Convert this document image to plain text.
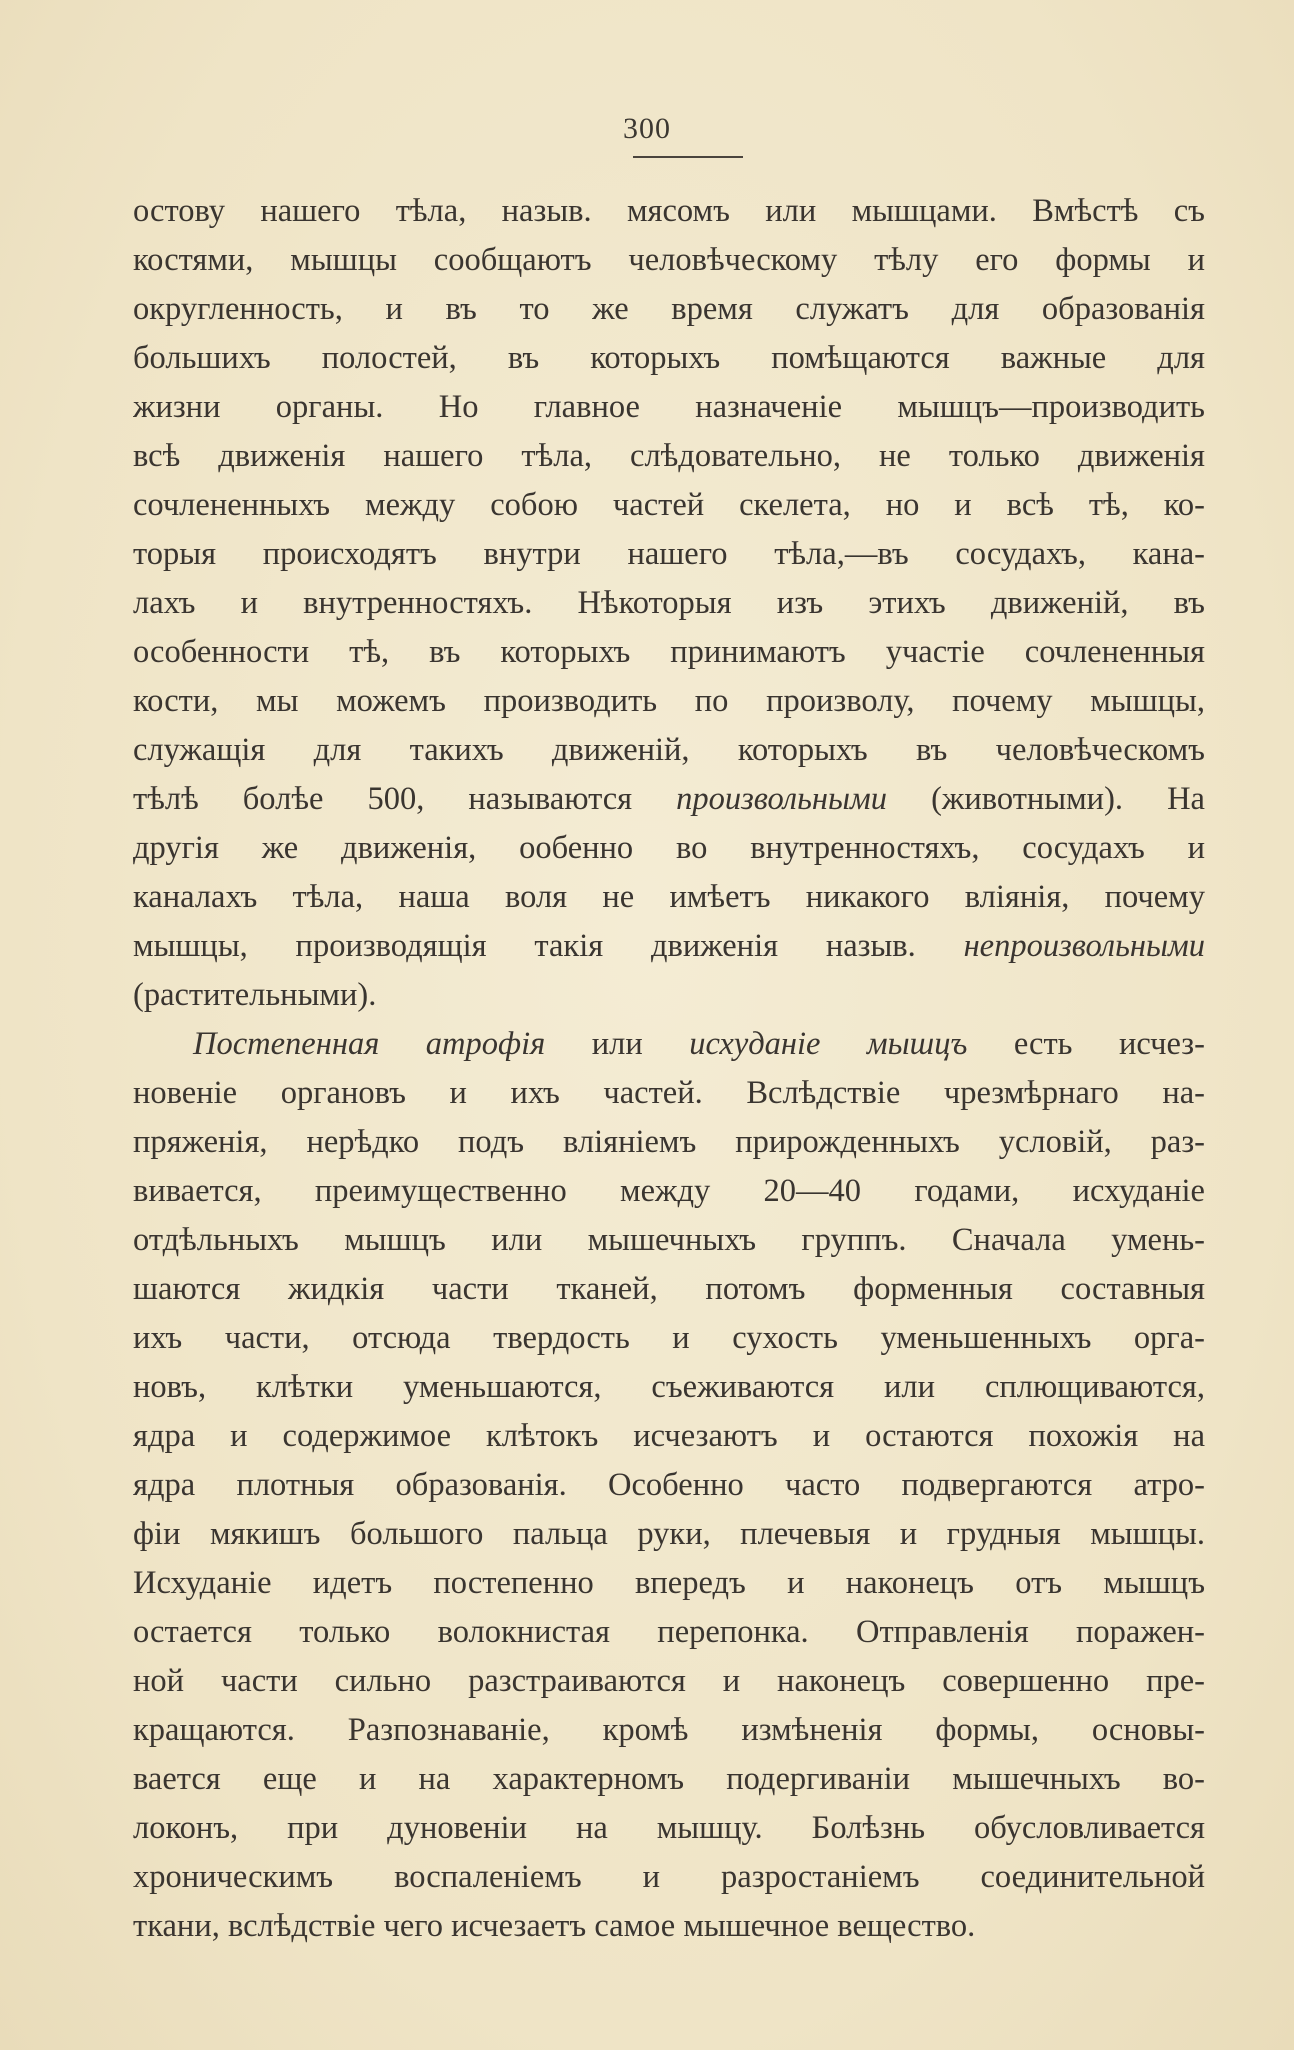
300
остову нашего тѣла, назыв. мясомъ или мышцами. Вмѣстѣ съ
костями, мышцы сообщаютъ человѣческому тѣлу его формы и
округленность, и въ то же время служатъ для образованія
большихъ полостей, въ которыхъ помѣщаются важные для
жизни органы. Но главное назначеніе мышцъ—производить
всѣ движенія нашего тѣла, слѣдовательно, не только движенія
сочлененныхъ между собою частей скелета, но и всѣ тѣ, ко-
торыя происходятъ внутри нашего тѣла,—въ сосудахъ, кана-
лахъ и внутренностяхъ. Нѣкоторыя изъ этихъ движеній, въ
особенности тѣ, въ которыхъ принимаютъ участіе сочлененныя
кости, мы можемъ производить по произволу, почему мышцы,
служащія для такихъ движеній, которыхъ въ человѣческомъ
тѣлѣ болѣе 500, называются произвольными (животными). На
другія же движенія, ообенно во внутренностяхъ, сосудахъ и
каналахъ тѣла, наша воля не имѣетъ никакого вліянія, почему
мышцы, производящія такія движенія назыв. непроизвольными
(растительными).
Постепенная атрофія или исхуданіе мышцъ есть исчез-
новеніе органовъ и ихъ частей. Вслѣдствіе чрезмѣрнаго на-
пряженія, нерѣдко подъ вліяніемъ прирожденныхъ условій, раз-
вивается, преимущественно между 20—40 годами, исхуданіе
отдѣльныхъ мышцъ или мышечныхъ группъ. Сначала умень-
шаются жидкія части тканей, потомъ форменныя составныя
ихъ части, отсюда твердость и сухость уменьшенныхъ орга-
новъ, клѣтки уменьшаются, съеживаются или сплющиваются,
ядра и содержимое клѣтокъ исчезаютъ и остаются похожія на
ядра плотныя образованія. Особенно часто подвергаются атро-
фіи мякишъ большого пальца руки, плечевыя и грудныя мышцы.
Исхуданіе идетъ постепенно впередъ и наконецъ отъ мышцъ
остается только волокнистая перепонка. Отправленія поражен-
ной части сильно разстраиваются и наконецъ совершенно пре-
кращаются. Разпознаваніе, кромѣ измѣненія формы, основы-
вается еще и на характерномъ подергиваніи мышечныхъ во-
локонъ, при дуновеніи на мышцу. Болѣзнь обусловливается
хроническимъ воспаленіемъ и разростаніемъ соединительной
ткани, вслѣдствіе чего исчезаетъ самое мышечное вещество.
